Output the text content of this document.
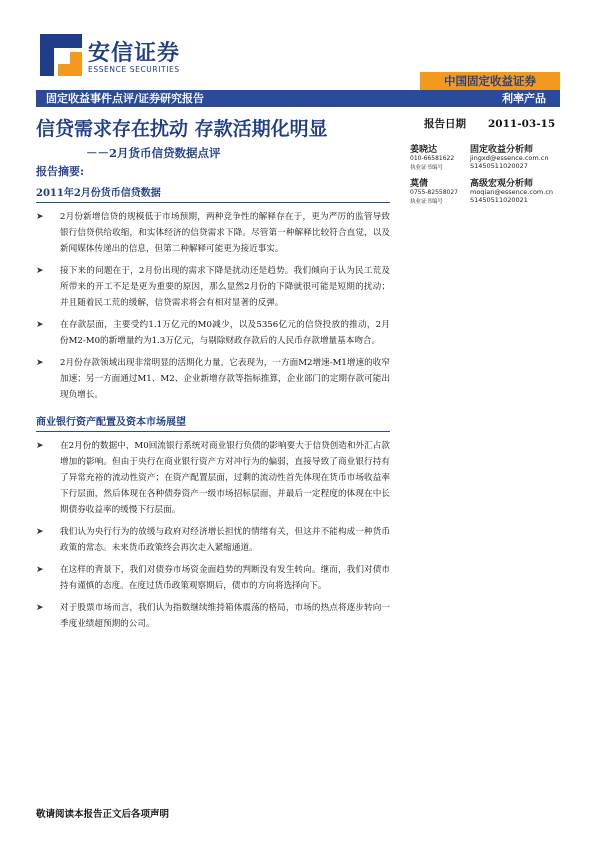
安信证券
ESSENCE SECURITIES
中国固定收益证券
固定收益事件点评/证券研究报告	利率产品
信贷需求存在扰动 存款活期化明显
－－2月货币信贷数据点评
报告摘要:
报告日期 2011-03-15
姜晓达	固定收益分析师
010-66581622 jingxd@essence.com.cn
执业证书编号	S1450511020027
莫倩	高级宏观分析师
0755-82558027 moqian@essence.com.cn
执业证书编号	S1450511020021
2011年2月份货币信贷数据
➤ 2月份新增信贷的规模低于市场预期，两种竞争性的解释存在于，更为严厉的监管导致银行信贷供给收缩，和实体经济的信贷需求下降。尽管第一种解释比较符合直觉，以及新闻媒体传递出的信息，但第二种解释可能更为接近事实。
➤ 接下来的问题在于，2月份出现的需求下降是扰动还是趋势。我们倾向于认为民工荒及所带来的开工不足是更为重要的原因，那么显然2月份的下降就很可能是短期的扰动；并且随着民工荒的缓解，信贷需求将会有相对显著的反弹。
➤ 在存款层面，主要受约1.1万亿元的M0减少，以及5356亿元的信贷投放的推动，2月份M2-M0的新增量约为1.3万亿元，与剔除财政存款后的人民币存款增量基本吻合。
➤ 2月份存款领域出现非常明显的活期化力量，它表现为，一方面M2增速-M1增速的收窄加速；另一方面通过M1、M2、企业新增存款等指标推算，企业部门的定期存款可能出现负增长。
商业银行资产配置及资本市场展望
➤ 在2月份的数据中，M0回流银行系统对商业银行负债的影响要大于信贷创造和外汇占款增加的影响。但由于央行在商业银行资产方对冲行为的偏弱，直接导致了商业银行持有了异常充裕的流动性资产；在资产配置层面，过剩的流动性首先体现在货币市场收益率下行层面，然后体现在各种债券资产一级市场招标层面，并最后一定程度的体现在中长期债券收益率的缓慢下行层面。
➤ 我们认为央行行为的放缓与政府对经济增长担忧的情绪有关，但这并不能构成一种货币政策的常态。未来货币政策终会再次走入紧缩通道。
➤ 在这样的背景下，我们对债券市场资金面趋势的判断没有发生转向。继而，我们对债市持有谨慎的态度。在度过货币政策观察期后，债市的方向将选择向下。
➤ 对于股票市场而言，我们认为指数继续维持箱体震荡的格局，市场的热点将逐步转向一季度业绩超预期的公司。
敬请阅读本报告正文后各项声明
